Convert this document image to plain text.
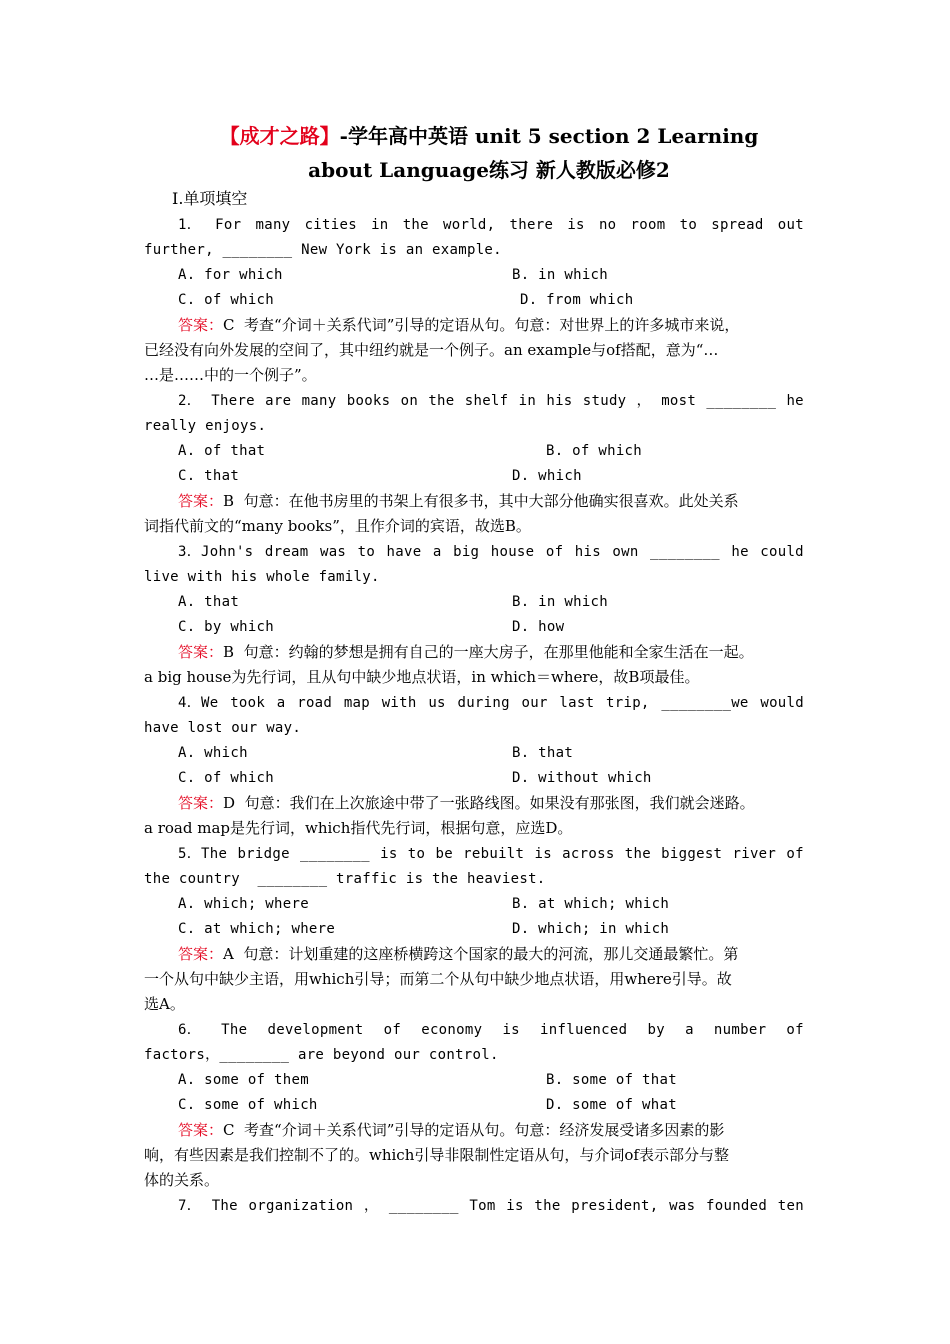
【成才之路】-学年高中英语 unit 5 section 2 Learning
about Language练习 新人教版必修2
Ⅰ.单项填空
1． For many cities in the world, there is no room to spread out
further, ________ New York is an example.
A. for which	B. in which
C. of which	D. from which
答案：C  考查“介词＋关系代词”引导的定语从句。句意：对世界上的许多城市来说，
已经没有向外发展的空间了，其中纽约就是一个例子。an example与of搭配，意为“…
…是……中的一个例子”。
2． There are many books on the shelf in his study ， most ________ he
really enjoys.
A. of that	B. of which
C. that	D. which
答案：B  句意：在他书房里的书架上有很多书，其中大部分他确实很喜欢。此处关系
词指代前文的“many books”，且作介词的宾语，故选B。
3．John's dream was to have a big house of his own ________ he could
live with his whole family.
A. that	B. in which
C. by which	D. how
答案：B  句意：约翰的梦想是拥有自己的一座大房子，在那里他能和全家生活在一起。
a big house为先行词，且从句中缺少地点状语，in which＝where，故B项最佳。
4．We took a road map with us during our last trip, ________we would
have lost our way.
A. which	B. that
C. of which	D. without which
答案：D  句意：我们在上次旅途中带了一张路线图。如果没有那张图，我们就会迷路。
a road map是先行词，which指代先行词，根据句意，应选D。
5．The bridge ________ is to be rebuilt is across the biggest river of
the country  ________ traffic is the heaviest.
A. which; where	B. at which; which
C. at which; where	D. which; in which
答案：A  句意：计划重建的这座桥横跨这个国家的最大的河流，那儿交通最繁忙。第
一个从句中缺少主语，用which引导；而第二个从句中缺少地点状语，用where引导。故
选A。
6． The development of economy is influenced by a number of
factors，________ are beyond our control.
A. some of them	B. some of that
C. some of which	D. some of what
答案：C  考查“介词＋关系代词”引导的定语从句。句意：经济发展受诸多因素的影
响，有些因素是我们控制不了的。which引导非限制性定语从句，与介词of表示部分与整
体的关系。
7． The organization ， ________ Tom is the president, was founded ten
